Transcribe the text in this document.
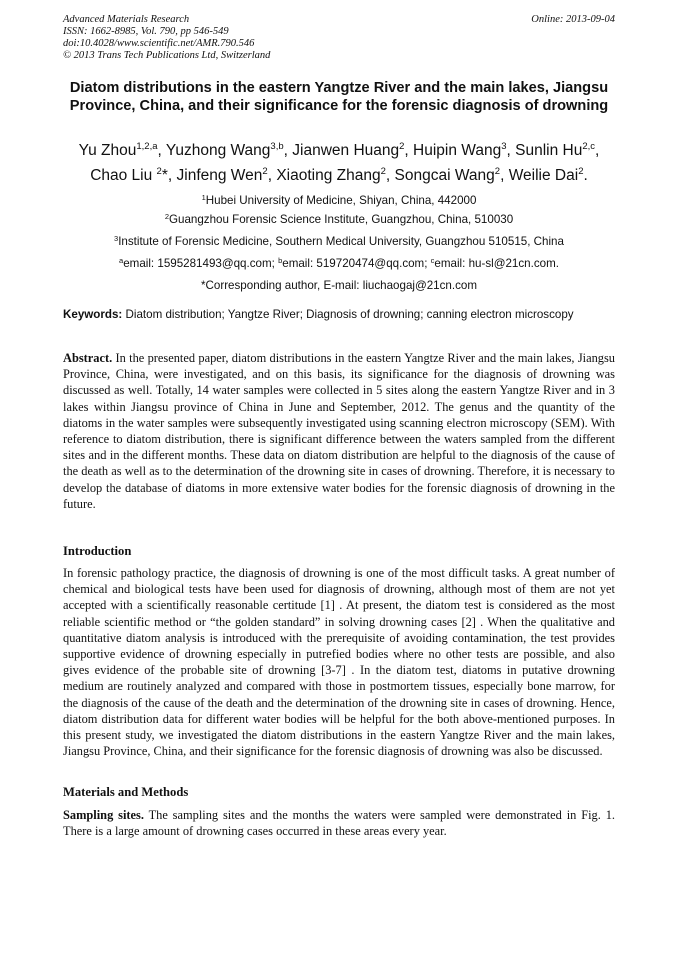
Advanced Materials Research
ISSN: 1662-8985, Vol. 790, pp 546-549
doi:10.4028/www.scientific.net/AMR.790.546
© 2013 Trans Tech Publications Ltd, Switzerland
Online: 2013-09-04
Diatom distributions in the eastern Yangtze River and the main lakes, Jiangsu Province, China, and their significance for the forensic diagnosis of drowning
Yu Zhou$^{1,2,a}$, Yuzhong Wang$^{3,b}$, Jianwen Huang$^2$, Huipin Wang$^3$, Sunlin Hu$^{2,c}$,
Chao Liu $^2$*, Jinfeng Wen$^2$, Xiaoting Zhang$^2$, Songcai Wang$^2$, Weilie Dai$^2$.
$^1$Hubei University of Medicine, Shiyan, China, 442000
$^2$Guangzhou Forensic Science Institute, Guangzhou, China, 510030
$^3$Institute of Forensic Medicine, Southern Medical University, Guangzhou 510515, China
$^a$email: 1595281493@qq.com; $^b$email: 519720474@qq.com; $^c$email: hu-sl@21cn.com.
*Corresponding author, E-mail: liuchaogaj@21cn.com
Keywords: Diatom distribution; Yangtze River; Diagnosis of drowning; canning electron microscopy
Abstract. In the presented paper, diatom distributions in the eastern Yangtze River and the main lakes, Jiangsu Province, China, were investigated, and on this basis, its significance for the diagnosis of drowning was discussed as well. Totally, 14 water samples were collected in 5 sites along the eastern Yangtze River and in 3 lakes within Jiangsu province of China in June and September, 2012. The genus and the quantity of the diatoms in the water samples were subsequently investigated using scanning electron microscopy (SEM). With reference to diatom distribution, there is significant difference between the waters sampled from the different sites and in the different months. These data on diatom distribution are helpful to the diagnosis of the cause of the death as well as to the determination of the drowning site in cases of drowning. Therefore, it is necessary to develop the database of diatoms in more extensive water bodies for the forensic diagnosis of drowning in the future.
Introduction
In forensic pathology practice, the diagnosis of drowning is one of the most difficult tasks. A great number of chemical and biological tests have been used for diagnosis of drowning, although most of them are not yet accepted with a scientifically reasonable certitude [1] . At present, the diatom test is considered as the most reliable scientific method or “the golden standard” in solving drowning cases [2] . When the qualitative and quantitative diatom analysis is introduced with the prerequisite of avoiding contamination, the test provides supportive evidence of drowning especially in putrefied bodies where no other tests are possible, and also gives evidence of the probable site of drowning [3-7] . In the diatom test, diatoms in putative drowning medium are routinely analyzed and compared with those in postmortem tissues, especially bone marrow, for the diagnosis of the cause of the death and the determination of the drowning site in cases of drowning. Hence, diatom distribution data for different water bodies will be helpful for the both above-mentioned purposes. In this present study, we investigated the diatom distributions in the eastern Yangtze River and the main lakes, Jiangsu Province, China, and their significance for the forensic diagnosis of drowning was also be discussed.
Materials and Methods
Sampling sites. The sampling sites and the months the waters were sampled were demonstrated in Fig. 1. There is a large amount of drowning cases occurred in these areas every year.
